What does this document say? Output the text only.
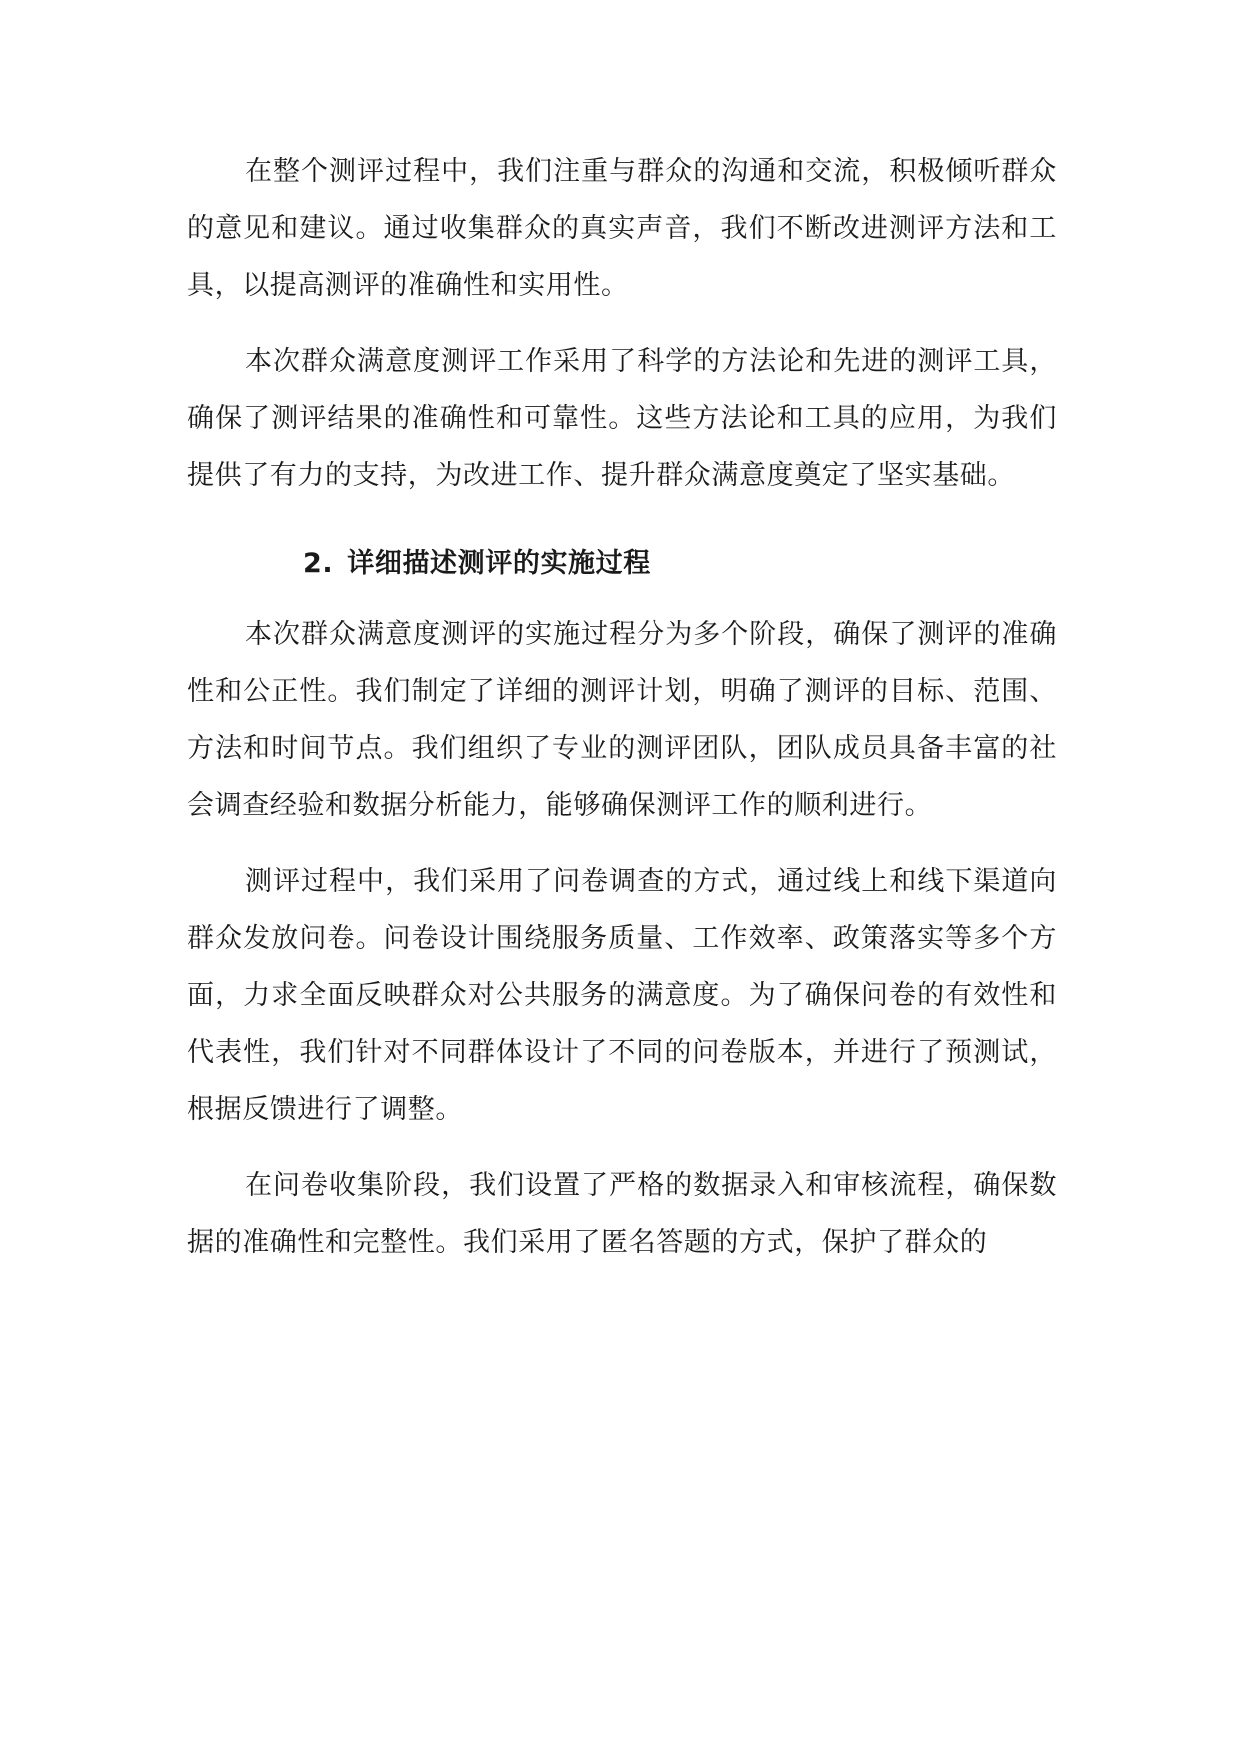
在整个测评过程中，我们注重与群众的沟通和交流，积极倾听群众的意见和建议。通过收集群众的真实声音，我们不断改进测评方法和工具，以提高测评的准确性和实用性。

本次群众满意度测评工作采用了科学的方法论和先进的测评工具，确保了测评结果的准确性和可靠性。这些方法论和工具的应用，为我们提供了有力的支持，为改进工作、提升群众满意度奠定了坚实基础。

2. 详细描述测评的实施过程

本次群众满意度测评的实施过程分为多个阶段，确保了测评的准确性和公正性。我们制定了详细的测评计划，明确了测评的目标、范围、方法和时间节点。我们组织了专业的测评团队，团队成员具备丰富的社会调查经验和数据分析能力，能够确保测评工作的顺利进行。

测评过程中，我们采用了问卷调查的方式，通过线上和线下渠道向群众发放问卷。问卷设计围绕服务质量、工作效率、政策落实等多个方面，力求全面反映群众对公共服务的满意度。为了确保问卷的有效性和代表性，我们针对不同群体设计了不同的问卷版本，并进行了预测试，根据反馈进行了调整。

在问卷收集阶段，我们设置了严格的数据录入和审核流程，确保数据的准确性和完整性。我们采用了匿名答题的方式，保护了群众的
